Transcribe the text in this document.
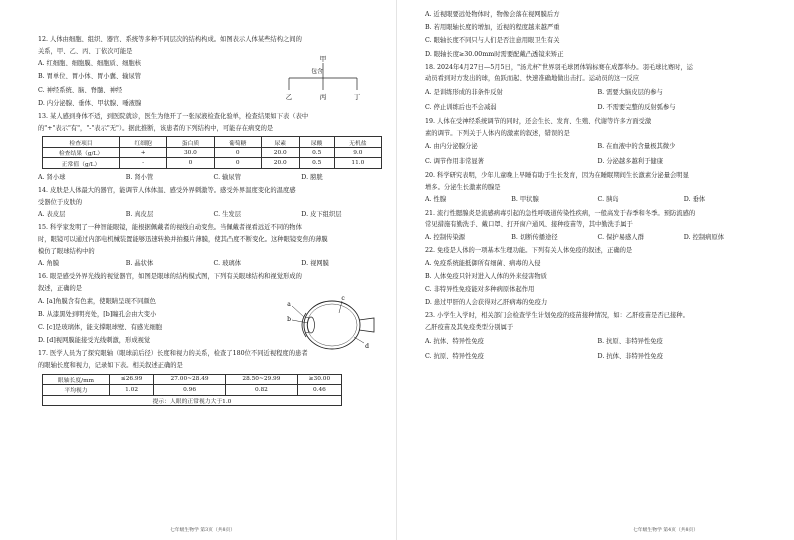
12. 人体由细胞、组织、器官、系统等多种不同层次的结构构成。如图表示人体某些结构之间的
关系，甲、乙、丙、丁依次可能是
A. 红细胞、细胞膜、细胞质、细胞核
B. 胃单位、胃小体、胃小囊、输尿管
C. 神经系统、脑、脊髓、神经
D. 内分泌腺、垂体、甲状腺、唾液腺
甲
包含
乙	丙	丁
13. 某人感到身体不适，到医院就诊，医生为他开了一张尿液检查化验单，检查结果如下表（表中
的"+"表示"有"，"-"表示"无"）。据此推断，该患者的下列结构中，可能存在病变的是
检查项目	红细胞	蛋白质	葡萄糖	尿素	尿酸	无机盐
检查结果（g/L）	+	30.0	0	20.0	0.5	9.0
正常值（g/L）	-	0	0	20.0	0.5	11.0
A. 肾小球	B. 肾小管	C. 输尿管	D. 膀胱
14. 皮肤是人体最大的器官，能调节人体体温、感受外界刺激等。感受外界温度变化的温度感
受器位于皮肤的
A. 表皮层	B. 真皮层	C. 生发层	D. 皮下组织层
15. 科学家发明了一种智能眼镜，能根据佩戴者的视线自动变焦。当佩戴者视看远近不同的物体
时，眼镜可以通过内部电机械装置能够迅速转换并拍摄片薄膜，使其凸度不断变化。这种眼镜变焦的薄膜
模仿了眼球结构中的
A. 角膜	B. 晶状体	C. 玻璃体	D. 视网膜
16. 眼是感受外界光线的视觉器官，如图是眼球的结构模式图，下列有关眼球结构和视觉形成的
叙述，正确的是
A. [a]角膜含有色素，使眼睛呈现不同颜色
B. 从漆黑处到明亮处，[b]瞳孔会由大变小
C. [c]是玻璃体，能支撑眼球壁、有感光细胞
D. [d]视网膜能接受光线刺激，形成视觉
a
b
c
d
17. 医学人员为了探究眼轴（眼球前后径）长度和视力的关系，检查了180位不同近视程度的患者
的眼轴长度和视力，记录如下表。相关叙述正确的是
眼轴长度/mm	≤26.99	27.00~28.49	28.50~29.99	≥30.00
平均视力	1.02	0.96	0.82	0.46
提示：人眼的正常视力大于1.0				
七年级生物学 第3页（共8页）
A. 近视眼要远处物体时，物像会落在视网膜后方
B. 若用眼轴长度的增加，近视的程度越来越严重
C. 眼轴长度不同只与人们是否注意用眼卫生有关
D. 眼轴长度≥30.00mm时需要配戴凸透镜来矫正
18. 2024年4月27日—5月5日，"汤尤杯"世界羽毛球团体锦标赛在成都举办。羽毛球比赛时，运
动员看到对方发出的球，鱼跃而起、快速准确地做出击打。运动员的这一反应
A. 是训练形成的非条件反射	B. 需要大脑皮层的参与
C. 停止训练后也不会减弱	D. 不需要完整的反射弧参与
19. 人体在受神经系统调节的同时，还会生长、发育、生殖、代谢等许多方面受激
素的调节。下列关于人体内的激素的叙述，错误的是
A. 由内分泌腺分泌	B. 在血液中的含量极其微少
C. 调节作用非常显著	D. 分泌越多越利于健康
20. 科学研究表明，少年儿童晚上早睡有助于生长发育，因为在睡眠期间生长激素分泌量会明显
增多。分泌生长激素的腺是
A. 性腺	B. 甲状腺	C. 胰岛	D. 垂体
21. 流行性腮腺炎是流感病毒引起的急性呼吸道传染性疾病，一般高发于春季和冬季。预防流感的
常见措施有勤洗手、戴口罩、打开窗户通风、接种疫苗等，其中勤洗手属于
A. 控制传染源	B. 切断传播途径	C. 保护易感人群	D. 控制病原体
22. 免疫是人体的一项基本生理功能。下列有关人体免疫的叙述，正确的是
A. 免疫系统能抵御所有细菌、病毒的入侵
B. 人体免疫只针对进入人体的外来侵害物质
C. 非特异性免疫能对多种病原体起作用
D. 患过甲肝的人会获得对乙肝病毒的免疫力
23. 小学生入学时，相关部门会检查学生计划免疫的疫苗接种情况，如：乙肝疫苗是否已接种。
乙肝疫苗及其免疫类型分别属于
A. 抗体、特异性免疫	B. 抗原、非特异性免疫
C. 抗原、特异性免疫	D. 抗体、非特异性免疫
七年级生物学 第4页（共8页）
